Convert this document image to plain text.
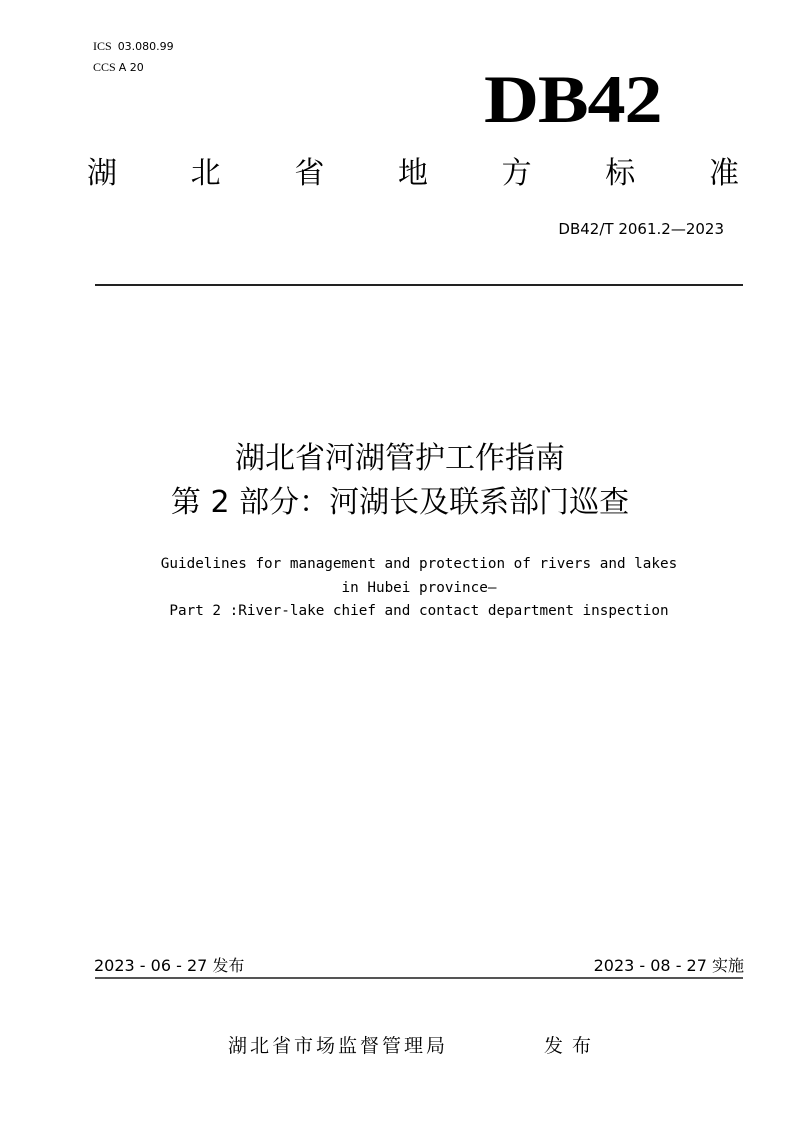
ICS 03.080.99
CCS A 20	DB42
湖 北 省 地 方 标 准
DB42/T 2061.2—2023
湖北省河湖管护工作指南
第 2 部分：河湖长及联系部门巡查
Guidelines for management and protection of rivers and lakes
in Hubei province—
Part 2 :River-lake chief and contact department inspection
2023 - 06 - 27 发布	2023 - 08 - 27 实施
湖北省市场监督管理局	发布
